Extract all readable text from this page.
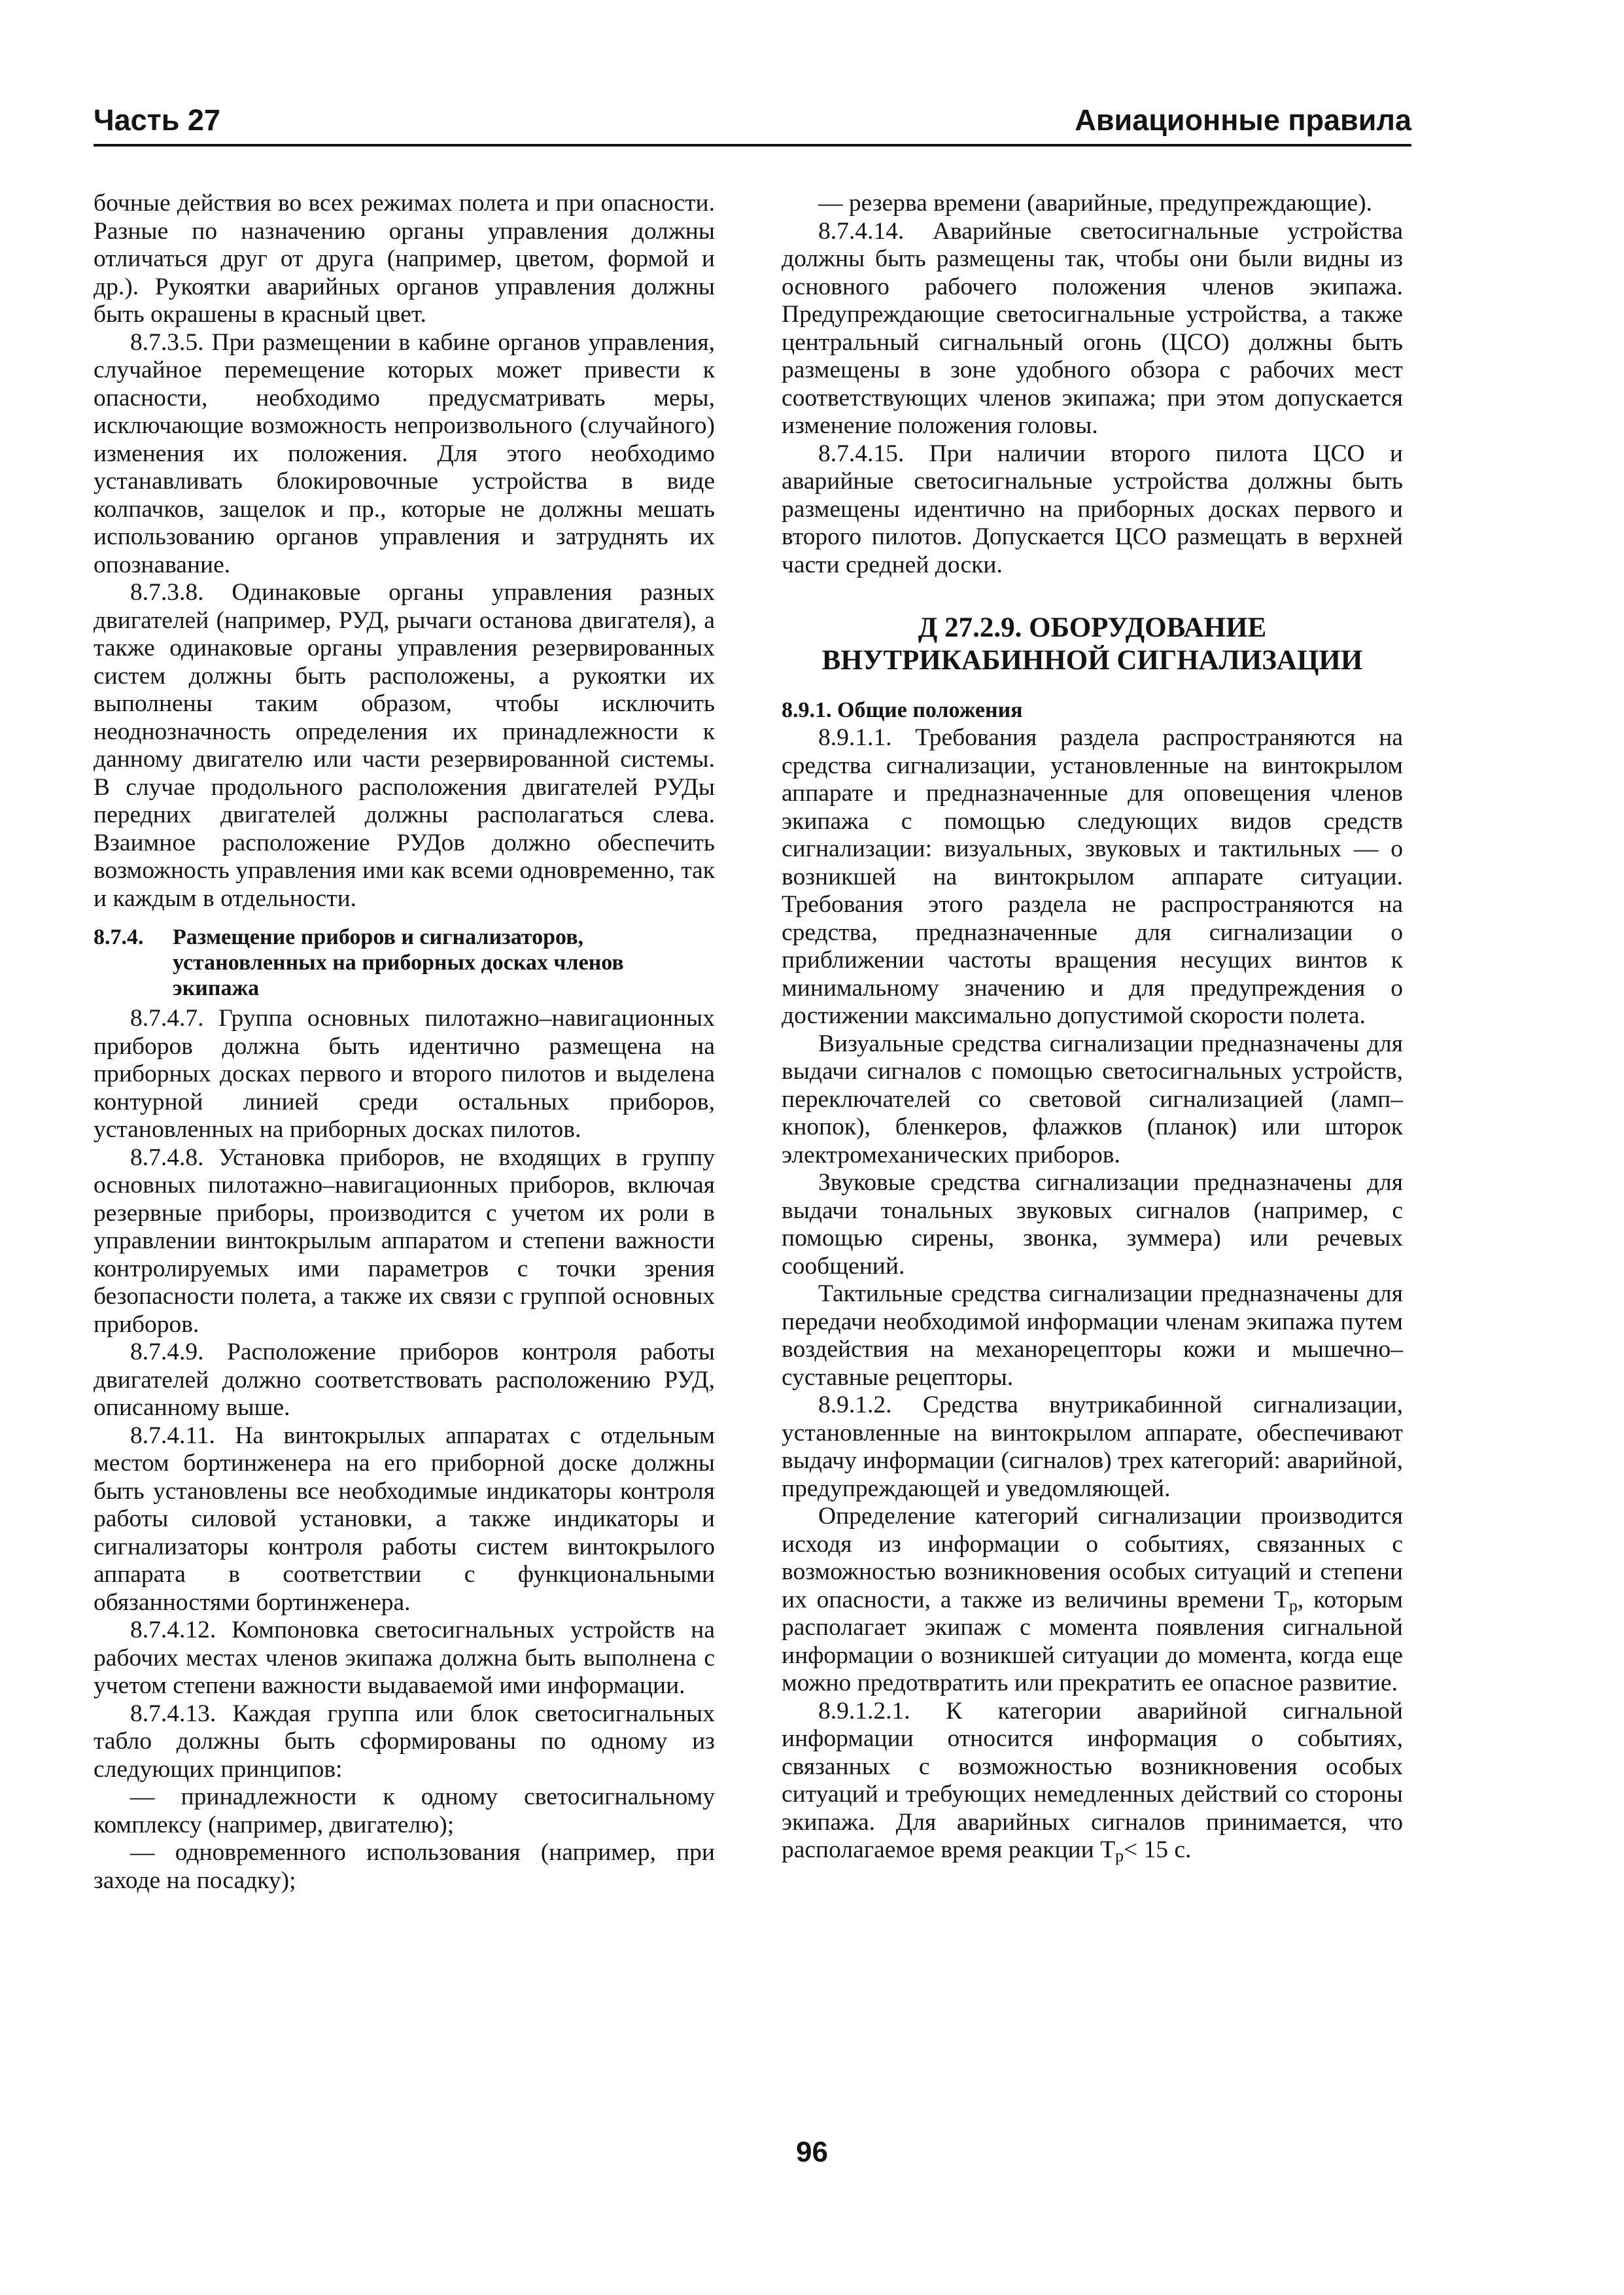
Часть 27	Авиационные правила

бочные действия во всех режимах полета и при опасности. Разные по назначению органы управления должны отличаться друг от друга (например, цветом, формой и др.). Рукоятки аварийных органов управления должны быть окрашены в красный цвет.

8.7.3.5. При размещении в кабине органов управления, случайное перемещение которых может привести к опасности, необходимо предусматривать меры, исключающие возможность непроизвольного (случайного) изменения их положения. Для этого необходимо устанавливать блокировочные устройства в виде колпачков, защелок и пр., которые не должны мешать использованию органов управления и затруднять их опознавание.

8.7.3.8. Одинаковые органы управления разных двигателей (например, РУД, рычаги останова двигателя), а также одинаковые органы управления резервированных систем должны быть расположены, а рукоятки их выполнены таким образом, чтобы исключить неоднозначность определения их принадлежности к данному двигателю или части резервированной системы. В случае продольного расположения двигателей РУДы передних двигателей должны располагаться слева. Взаимное расположение РУДов должно обеспечить возможность управления ими как всеми одновременно, так и каждым в отдельности.

8.7.4. Размещение приборов и сигнализаторов, установленных на приборных досках членов экипажа

8.7.4.7. Группа основных пилотажно–навигационных приборов должна быть идентично размещена на приборных досках первого и второго пилотов и выделена контурной линией среди остальных приборов, установленных на приборных досках пилотов.

8.7.4.8. Установка приборов, не входящих в группу основных пилотажно–навигационных приборов, включая резервные приборы, производится с учетом их роли в управлении винтокрылым аппаратом и степени важности контролируемых ими параметров с точки зрения безопасности полета, а также их связи с группой основных приборов.

8.7.4.9. Расположение приборов контроля работы двигателей должно соответствовать расположению РУД, описанному выше.

8.7.4.11. На винтокрылых аппаратах с отдельным местом бортинженера на его приборной доске должны быть установлены все необходимые индикаторы контроля работы силовой установки, а также индикаторы и сигнализаторы контроля работы систем винтокрылого аппарата в соответствии с функциональными обязанностями бортинженера.

8.7.4.12. Компоновка светосигнальных устройств на рабочих местах членов экипажа должна быть выполнена с учетом степени важности выдаваемой ими информации.

8.7.4.13. Каждая группа или блок светосигнальных табло должны быть сформированы по одному из следующих принципов:

— принадлежности к одному светосигнальному комплексу (например, двигателю);

— одновременного использования (например, при заходе на посадку);

— резерва времени (аварийные, предупреждающие).

8.7.4.14. Аварийные светосигнальные устройства должны быть размещены так, чтобы они были видны из основного рабочего положения членов экипажа. Предупреждающие светосигнальные устройства, а также центральный сигнальный огонь (ЦСО) должны быть размещены в зоне удобного обзора с рабочих мест соответствующих членов экипажа; при этом допускается изменение положения головы.

8.7.4.15. При наличии второго пилота ЦСО и аварийные светосигнальные устройства должны быть размещены идентично на приборных досках первого и второго пилотов. Допускается ЦСО размещать в верхней части средней доски.

Д 27.2.9. ОБОРУДОВАНИЕ
ВНУТРИКАБИННОЙ СИГНАЛИЗАЦИИ
8.9.1. Общие положения

8.9.1.1. Требования раздела распространяются на средства сигнализации, установленные на винтокрылом аппарате и предназначенные для оповещения членов экипажа с помощью следующих видов средств сигнализации: визуальных, звуковых и тактильных — о возникшей на винтокрылом аппарате ситуации. Требования этого раздела не распространяются на средства, предназначенные для сигнализации о приближении частоты вращения несущих винтов к минимальному значению и для предупреждения о достижении максимально допустимой скорости полета.

Визуальные средства сигнализации предназначены для выдачи сигналов с помощью светосигнальных устройств, переключателей со световой сигнализацией (ламп–кнопок), бленкеров, флажков (планок) или шторок электромеханических приборов.

Звуковые средства сигнализации предназначены для выдачи тональных звуковых сигналов (например, с помощью сирены, звонка, зуммера) или речевых сообщений.

Тактильные средства сигнализации предназначены для передачи необходимой информации членам экипажа путем воздействия на механорецепторы кожи и мышечно–суставные рецепторы.

8.9.1.2. Средства внутрикабинной сигнализации, установленные на винтокрылом аппарате, обеспечивают выдачу информации (сигналов) трех категорий: аварийной, предупреждающей и уведомляющей.

Определение категорий сигнализации производится исходя из информации о событиях, связанных с возможностью возникновения особых ситуаций и степени их опасности, а также из величины времени $Т_р$, которым располагает экипаж с момента появления сигнальной информации о возникшей ситуации до момента, когда еще можно предотвратить или прекратить ее опасное развитие.

8.9.1.2.1. К категории аварийной сигнальной информации относится информация о событиях, связанных с возможностью возникновения особых ситуаций и требующих немедленных действий со стороны экипажа. Для аварийных сигналов принимается, что располагаемое время реакции $Т_р< 15$ с.

96
